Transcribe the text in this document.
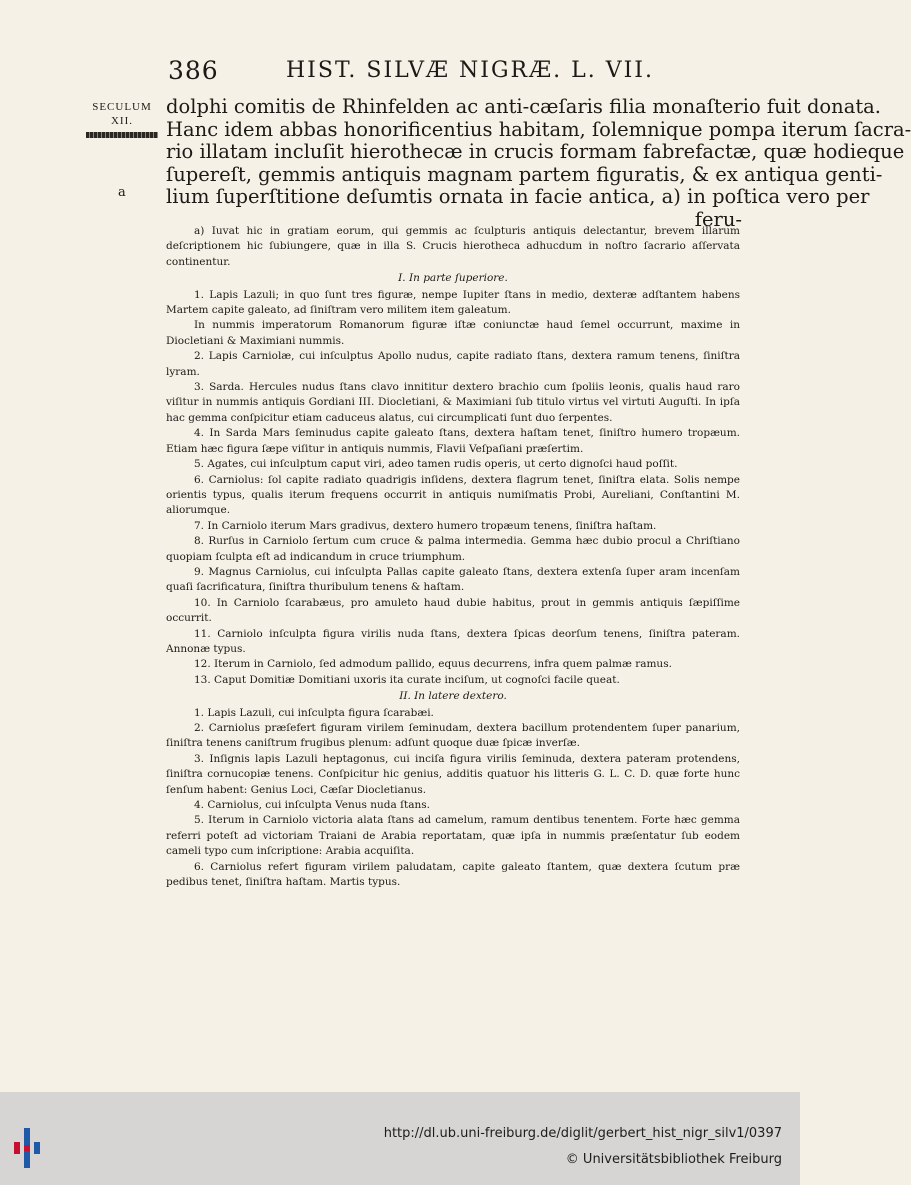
386	HIST. SILVÆ NIGRÆ. L. VII.
SECULUM
XII.
a
dolphi comitis de Rhinfelden ac anti-cæſaris filia monaſterio fuit donata.
Hanc idem abbas honorificentius habitam, ſolemnique pompa iterum ſacra-
rio illatam incluſit hierothecæ in crucis formam fabrefactæ, quæ hodieque
ſupereſt, gemmis antiquis magnam partem figuratis, & ex antiqua genti-
lium ſuperſtitione deſumtis ornata in facie antica, a) in poſtica vero per
feru-

a) Iuvat hic in gratiam eorum, qui gemmis ac ſculpturis antiquis delectantur, brevem illarum deſcriptionem hic ſubiungere, quæ in illa S. Crucis hierotheca adhucdum in noſtro ſacrario aſſervata continentur.

I. In parte ſuperiore.

1. Lapis Lazuli; in quo ſunt tres figuræ, nempe Iupiter ſtans in medio, dexteræ adſtantem habens Martem capite galeato, ad ſiniſtram vero militem item galeatum.

In nummis imperatorum Romanorum figuræ iſtæ coniunctæ haud ſemel occurrunt, maxime in Diocletiani & Maximiani nummis.

2. Lapis Carniolæ, cui inſculptus Apollo nudus, capite radiato ſtans, dextera ramum tenens, ſiniſtra lyram.

3. Sarda. Hercules nudus ſtans clavo innititur dextero brachio cum ſpoliis leonis, qualis haud raro viſitur in nummis antiquis Gordiani III. Diocletiani, & Maximiani ſub titulo virtus vel virtuti Auguſti. In ipſa hac gemma conſpicitur etiam caduceus alatus, cui circumplicati ſunt duo ſerpentes.

4. In Sarda Mars ſeminudus capite galeato ſtans, dextera haſtam tenet, ſiniſtro humero tropæum. Etiam hæc figura ſæpe viſitur in antiquis nummis, Flavii Veſpaſiani præſertim.

5. Agates, cui inſculptum caput viri, adeo tamen rudis operis, ut certo dignoſci haud poſſit.

6. Carniolus: ſol capite radiato quadrigis inſidens, dextera flagrum tenet, ſiniſtra elata. Solis nempe orientis typus, qualis iterum frequens occurrit in antiquis numiſmatis Probi, Aureliani, Conſtantini M. aliorumque.

7. In Carniolo iterum Mars gradivus, dextero humero tropæum tenens, ſiniſtra haſtam.

8. Rurſus in Carniolo ſertum cum cruce & palma intermedia. Gemma hæc dubio procul a Chriſtiano quopiam ſculpta eſt ad indicandum in cruce triumphum.

9. Magnus Carniolus, cui inſculpta Pallas capite galeato ſtans, dextera extenſa ſuper aram incenſam quaſi ſacrificatura, ſiniſtra thuribulum tenens & haſtam.

10. In Carniolo ſcarabæus, pro amuleto haud dubie habitus, prout in gemmis antiquis ſæpiſſime occurrit.

11. Carniolo inſculpta figura virilis nuda ſtans, dextera ſpicas deorſum tenens, ſiniſtra pateram. Annonæ typus.

12. Iterum in Carniolo, ſed admodum pallido, equus decurrens, infra quem palmæ ramus.

13. Caput Domitiæ Domitiani uxoris ita curate inciſum, ut cognoſci facile queat.

II. In latere dextero.

1. Lapis Lazuli, cui inſculpta figura ſcarabæi.

2. Carniolus præſefert figuram virilem ſeminudam, dextera bacillum protendentem ſuper panarium, ſiniſtra tenens caniſtrum frugibus plenum: adſunt quoque duæ ſpicæ inverſæ.

3. Inſignis lapis Lazuli heptagonus, cui inciſa figura virilis ſeminuda, dextera pateram protendens, ſiniſtra cornucopiæ tenens. Conſpicitur hic genius, additis quatuor his litteris G. L. C. D. quæ forte hunc ſenſum habent: Genius Loci, Cæſar Diocletianus.

4. Carniolus, cui inſculpta Venus nuda ſtans.

5. Iterum in Carniolo victoria alata ſtans ad camelum, ramum dentibus tenentem. Forte hæc gemma referri poteſt ad victoriam Traiani de Arabia reportatam, quæ ipſa in nummis præſentatur ſub eodem cameli typo cum inſcriptione: Arabia acquiſita.

6. Carniolus refert figuram virilem paludatam, capite galeato ſtantem, quæ dextera ſcutum præ pedibus tenet, ſiniſtra haſtam. Martis typus.

http://dl.ub.uni-freiburg.de/diglit/gerbert_hist_nigr_silv1/0397
© Universitätsbibliothek Freiburg
